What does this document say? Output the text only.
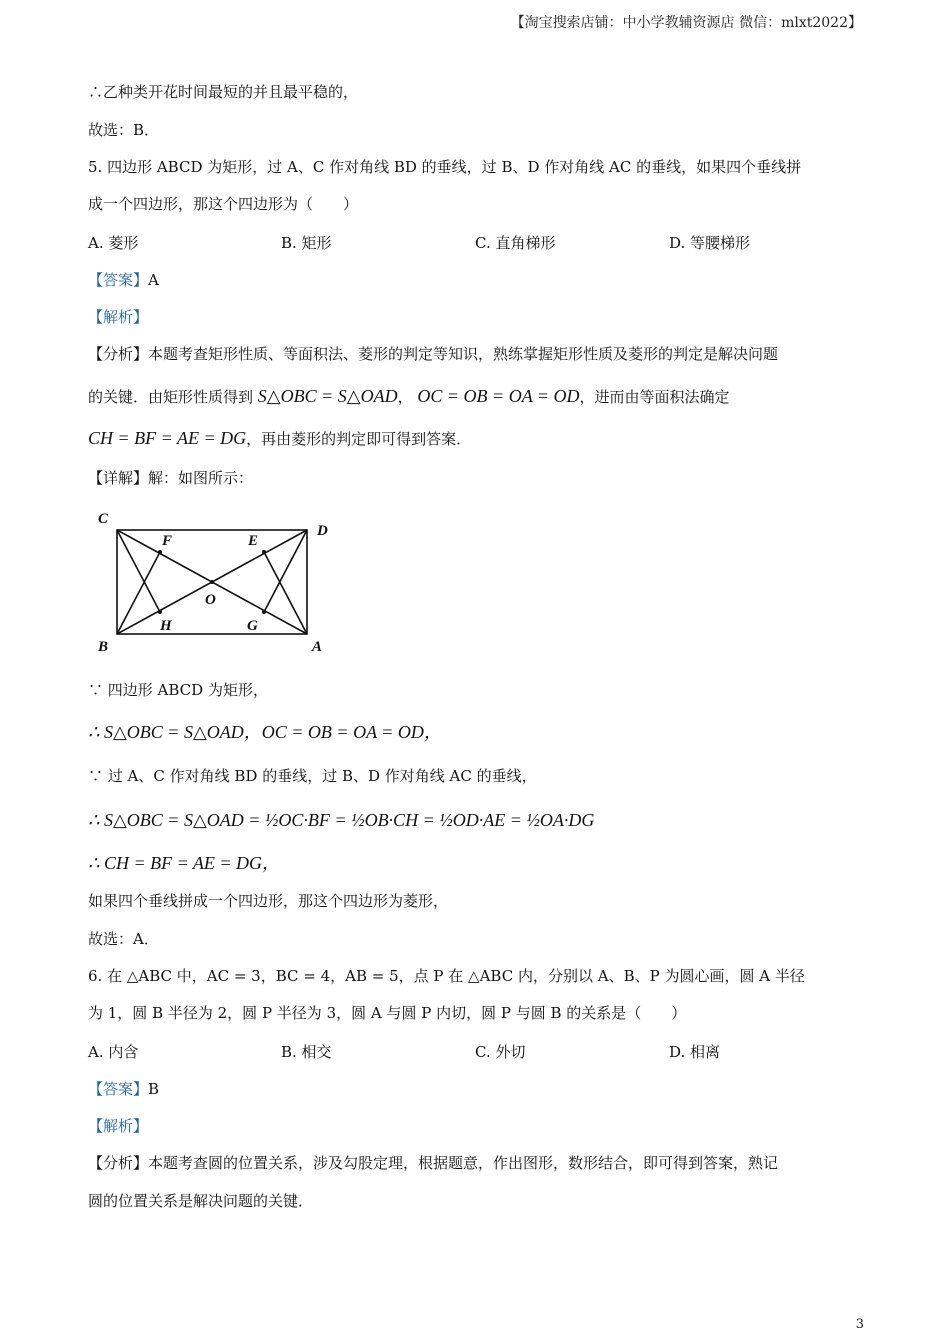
【淘宝搜索店铺：中小学教辅资源店 微信：mlxt2022】
∴乙种类开花时间最短的并且最平稳的，
故选：B．
5. 四边形 ABCD 为矩形，过 A、C 作对角线 BD 的垂线，过 B、D 作对角线 AC 的垂线，如果四个垂线拼
成一个四边形，那这个四边形为（　　）
A. 菱形	B. 矩形	C. 直角梯形	D. 等腰梯形
【答案】A
【解析】
【分析】本题考查矩形性质、等面积法、菱形的判定等知识，熟练掌握矩形性质及菱形的判定是解决问题
的关键．由矩形性质得到 S△OBC = S△OAD， OC = OB = OA = OD，进而由等面积法确定
CH = BF = AE = DG，再由菱形的判定即可得到答案．
【详解】解：如图所示：
C
D
B	A
F	E
O
H	G
∵ 四边形 ABCD 为矩形，
∴ S△OBC = S△OAD，OC = OB = OA = OD，
∵ 过 A、C 作对角线 BD 的垂线，过 B、D 作对角线 AC 的垂线，
∴ S△OBC = S△OAD = ½OC·BF = ½OB·CH = ½OD·AE = ½OA·DG
∴ CH = BF = AE = DG，
如果四个垂线拼成一个四边形，那这个四边形为菱形，
故选：A．
6. 在 △ABC 中，AC = 3，BC = 4，AB = 5，点 P 在 △ABC 内，分别以 A、B、P 为圆心画，圆 A 半径
为 1，圆 B 半径为 2，圆 P 半径为 3，圆 A 与圆 P 内切，圆 P 与圆 B 的关系是（　　）
A. 内含	B. 相交	C. 外切	D. 相离
【答案】B
【解析】
【分析】本题考查圆的位置关系，涉及勾股定理，根据题意，作出图形，数形结合，即可得到答案，熟记
圆的位置关系是解决问题的关键．
3
